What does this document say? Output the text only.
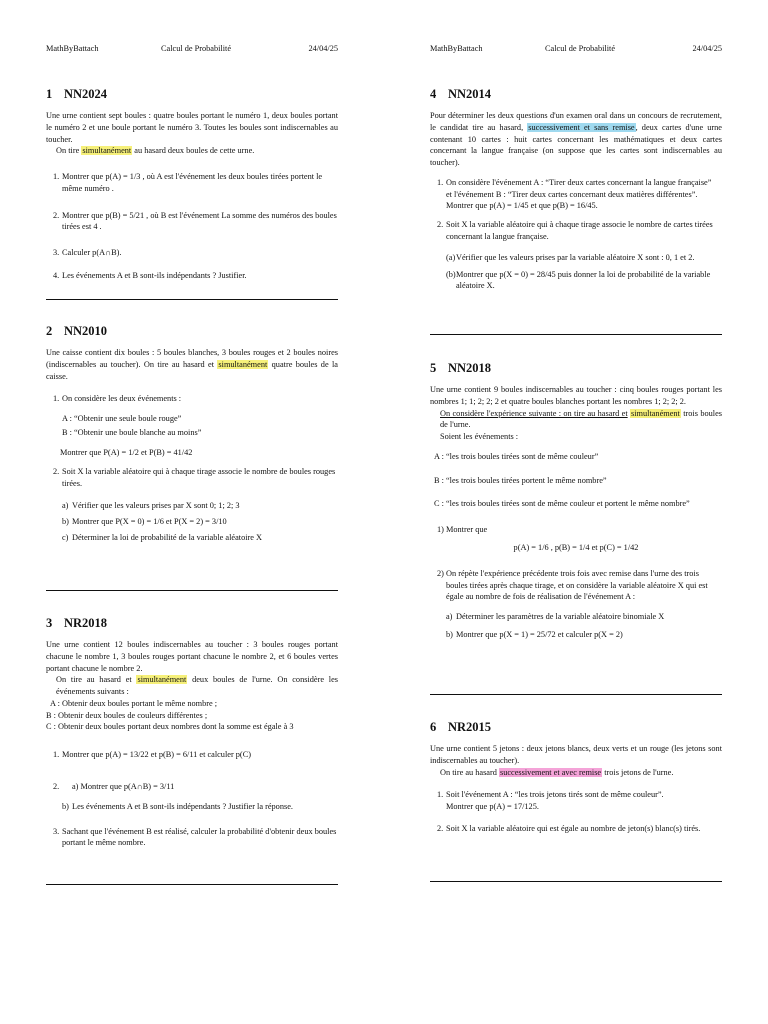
MathByBattach	Calcul de Probabilité	24/04/25
1 NN2024

Une urne contient sept boules : quatre boules portant le numéro 1, deux boules portant le numéro 2 et une boule portant le numéro 3. Toutes les boules sont indiscernables au toucher.

On tire simultanément au hasard deux boules de cette urne.

1. Montrer que p(A) = 1/3 , où A est l'événement les deux boules tirées portent le même numéro .
2. Montrer que p(B) = 5/21 , où B est l'événement La somme des numéros des boules tirées est 4 .
3. Calculer p(A∩B).
4. Les événements A et B sont-ils indépendants ? Justifier.
2 NN2010

Une caisse contient dix boules : 5 boules blanches, 3 boules rouges et 2 boules noires (indiscernables au toucher). On tire au hasard et simultanément quatre boules de la caisse.

1. On considère les deux événements :
A : “Obtenir une seule boule rouge”
B : “Obtenir une boule blanche au moins”
Montrer que P(A) = 1/2 et P(B) = 41/42
2. Soit X la variable aléatoire qui à chaque tirage associe le nombre de boules rouges tirées.
a) Vérifier que les valeurs prises par X sont 0; 1; 2; 3
b) Montrer que P(X = 0) = 1/6 et P(X = 2) = 3/10
c) Déterminer la loi de probabilité de la variable aléatoire X
3 NR2018

Une urne contient 12 boules indiscernables au toucher : 3 boules rouges portant chacune le nombre 1, 3 boules rouges portant chacune le nombre 2, et 6 boules vertes portant chacune le nombre 2.

On tire au hasard et simultanément deux boules de l'urne. On considère les événements suivants :

A : Obtenir deux boules portant le même nombre ;
B : Obtenir deux boules de couleurs différentes ;
C : Obtenir deux boules portant deux nombres dont la somme est égale à 3
1. Montrer que p(A) = 13/22 et p(B) = 6/11 et calculer p(C)
2. a) Montrer que p(A∩B) = 3/11
b) Les événements A et B sont-ils indépendants ? Justifier la réponse.
3. Sachant que l'événement B est réalisé, calculer la probabilité d'obtenir deux boules portant le même nombre.
MathByBattach	Calcul de Probabilité	24/04/25
4 NN2014

Pour déterminer les deux questions d'un examen oral dans un concours de recrutement, le candidat tire au hasard, successivement et sans remise, deux cartes d'une urne contenant 10 cartes : huit cartes concernant les mathématiques et deux cartes concernant la langue française (on suppose que les cartes sont indiscernables au toucher).

1. On considère l'événement A : “Tirer deux cartes concernant la langue française”
et l'événement B : “Tirer deux cartes concernant deux matières différentes”.
Montrer que p(A) = 1/45 et que p(B) = 16/45.
2. Soit X la variable aléatoire qui à chaque tirage associe le nombre de cartes tirées concernant la langue française.
(a) Vérifier que les valeurs prises par la variable aléatoire X sont : 0, 1 et 2.
(b) Montrer que p(X = 0) = 28/45 puis donner la loi de probabilité de la variable aléatoire X.
5 NN2018

Une urne contient 9 boules indiscernables au toucher : cinq boules rouges portant les nombres 1; 1; 2; 2; 2 et quatre boules blanches portant les nombres 1; 2; 2; 2.

On considère l'expérience suivante : on tire au hasard et simultanément trois boules de l'urne.

Soient les événements :

A : “les trois boules tirées sont de même couleur”
B : “les trois boules tirées portent le même nombre”
C : “les trois boules tirées sont de même couleur et portent le même nombre”
1) Montrer que
p(A) = 1/6 , p(B) = 1/4 et p(C) = 1/42
2) On répète l'expérience précédente trois fois avec remise dans l'urne des trois boules tirées après chaque tirage, et on considère la variable aléatoire X qui est égale au nombre de fois de réalisation de l'événement A :
a) Déterminer les paramètres de la variable aléatoire binomiale X
b) Montrer que p(X = 1) = 25/72 et calculer p(X = 2)
6 NR2015

Une urne contient 5 jetons : deux jetons blancs, deux verts et un rouge (les jetons sont indiscernables au toucher).

On tire au hasard successivement et avec remise trois jetons de l'urne.

1. Soit l'événement A : “les trois jetons tirés sont de même couleur”.
Montrer que p(A) = 17/125.
2. Soit X la variable aléatoire qui est égale au nombre de jeton(s) blanc(s) tirés.
